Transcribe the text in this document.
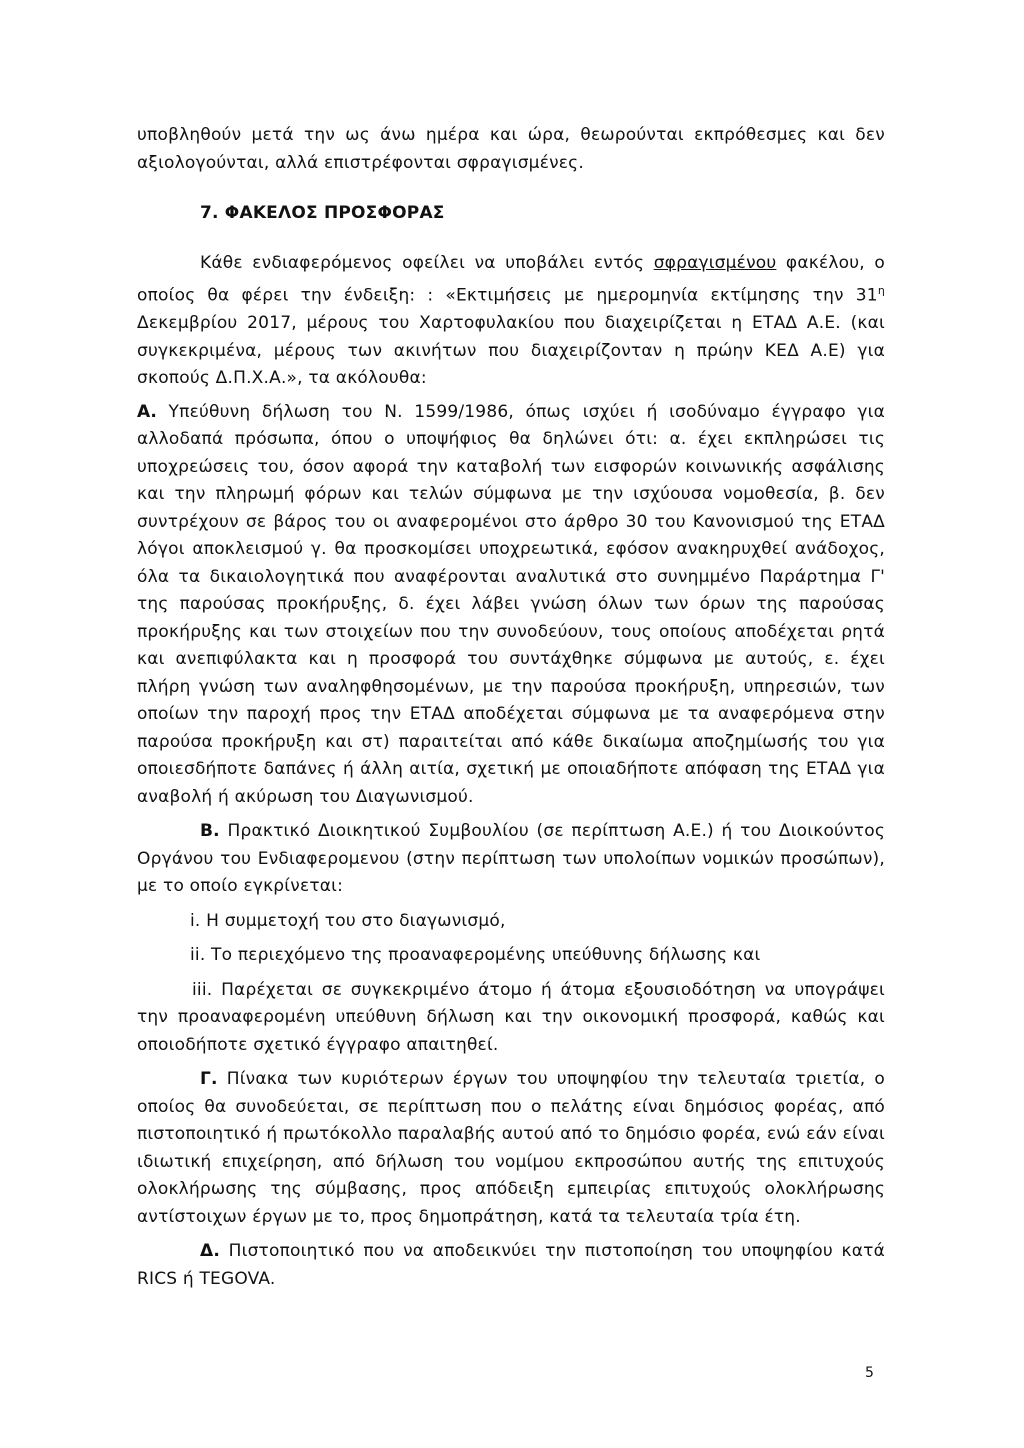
υποβληθούν μετά την ως άνω ημέρα και ώρα, θεωρούνται εκπρόθεσμες και δεν αξιολογούνται, αλλά επιστρέφονται σφραγισμένες.

7. ΦΑΚΕΛΟΣ ΠΡΟΣΦΟΡΑΣ

Κάθε ενδιαφερόμενος οφείλει να υποβάλει εντός σφραγισμένου φακέλου, ο οποίος θα φέρει την ένδειξη: : «Εκτιμήσεις με ημερομηνία εκτίμησης την $31^\eta$ Δεκεμβρίου 2017, μέρους του Χαρτοφυλακίου που διαχειρίζεται η ΕΤΑΔ Α.Ε. (και συγκεκριμένα, μέρους των ακινήτων που διαχειρίζονταν η πρώην ΚΕΔ Α.Ε) για σκοπούς Δ.Π.Χ.Α.», τα ακόλουθα:

Α. Υπεύθυνη δήλωση του Ν. 1599/1986, όπως ισχύει ή ισοδύναμο έγγραφο για αλλοδαπά πρόσωπα, όπου ο υποψήφιος θα δηλώνει ότι: α. έχει εκπληρώσει τις υποχρεώσεις του, όσον αφορά την καταβολή των εισφορών κοινωνικής ασφάλισης και την πληρωμή φόρων και τελών σύμφωνα με την ισχύουσα νομοθεσία, β. δεν συντρέχουν σε βάρος του οι αναφερομένοι στο άρθρο 30 του Κανονισμού της ΕΤΑΔ λόγοι αποκλεισμού γ. θα προσκομίσει υποχρεωτικά, εφόσον ανακηρυχθεί ανάδοχος, όλα τα δικαιολογητικά που αναφέρονται αναλυτικά στο συνημμένο Παράρτημα Γ' της παρούσας προκήρυξης, δ. έχει λάβει γνώση όλων των όρων της παρούσας προκήρυξης και των στοιχείων που την συνοδεύουν, τους οποίους αποδέχεται ρητά και ανεπιφύλακτα και η προσφορά του συντάχθηκε σύμφωνα με αυτούς, ε. έχει πλήρη γνώση των αναληφθησομένων, με την παρούσα προκήρυξη, υπηρεσιών, των οποίων την παροχή προς την ΕΤΑΔ αποδέχεται σύμφωνα με τα αναφερόμενα στην παρούσα προκήρυξη και στ) παραιτείται από κάθε δικαίωμα αποζημίωσής του για οποιεσδήποτε δαπάνες ή άλλη αιτία, σχετική με οποιαδήποτε απόφαση της ΕΤΑΔ για αναβολή ή ακύρωση του Διαγωνισμού.

Β. Πρακτικό Διοικητικού Συμβουλίου (σε περίπτωση Α.Ε.) ή του Διοικούντος Οργάνου του Ενδιαφερομενου (στην περίπτωση των υπολοίπων νομικών προσώπων), με το οποίο εγκρίνεται:

i. Η συμμετοχή του στο διαγωνισμό,
ii. Το περιεχόμενο της προαναφερομένης υπεύθυνης δήλωσης και
iii. Παρέχεται σε συγκεκριμένο άτομο ή άτομα εξουσιοδότηση να υπογράψει την προαναφερομένη υπεύθυνη δήλωση και την οικονομική προσφορά, καθώς και οποιοδήποτε σχετικό έγγραφο απαιτηθεί.

Γ. Πίνακα των κυριότερων έργων του υποψηφίου την τελευταία τριετία, ο οποίος θα συνοδεύεται, σε περίπτωση που ο πελάτης είναι δημόσιος φορέας, από πιστοποιητικό ή πρωτόκολλο παραλαβής αυτού από το δημόσιο φορέα, ενώ εάν είναι ιδιωτική επιχείρηση, από δήλωση του νομίμου εκπροσώπου αυτής της επιτυχούς ολοκλήρωσης της σύμβασης, προς απόδειξη εμπειρίας επιτυχούς ολοκλήρωσης αντίστοιχων έργων με το, προς δημοπράτηση, κατά τα τελευταία τρία έτη.

Δ. Πιστοποιητικό που να αποδεικνύει την πιστοποίηση του υποψηφίου κατά RICS ή TEGOVA.

5
